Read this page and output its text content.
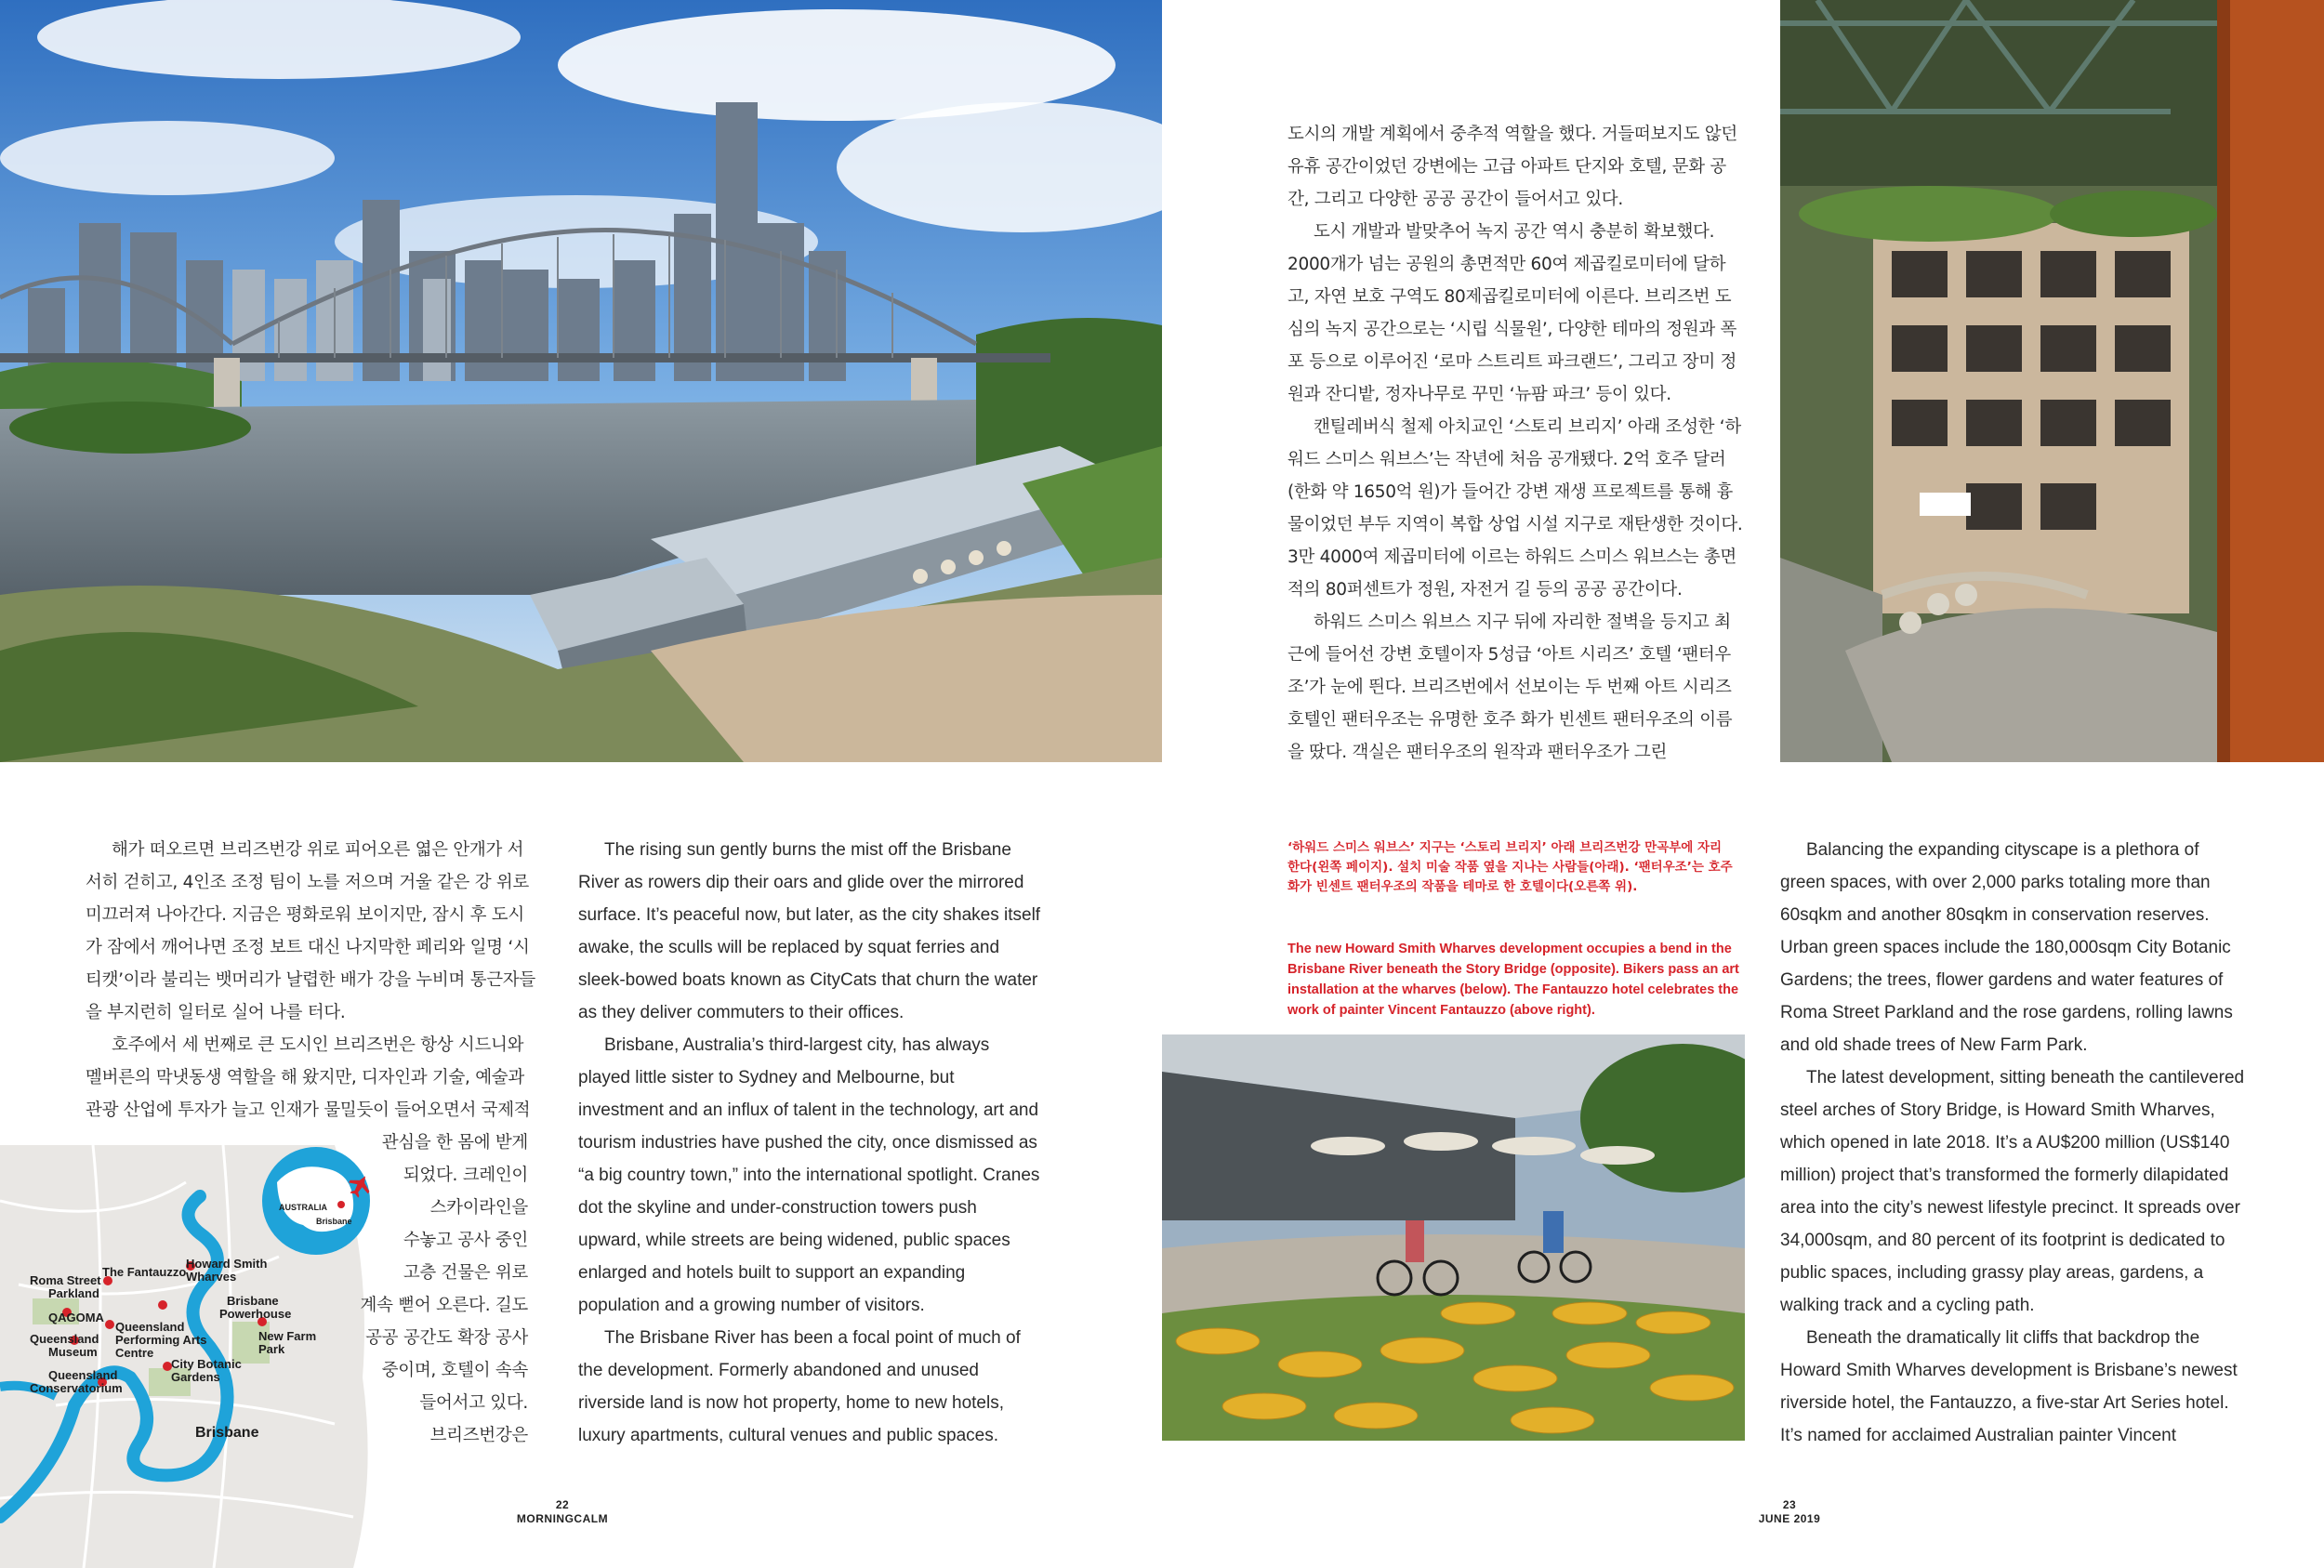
AUSTRALIA
Brisbane
Roma Street
Parkland
The Fantauzzo
Howard Smith
Wharves
QAGOMA
Queensland
Performing Arts
Centre
Queensland
Museum
Brisbane
Powerhouse
New Farm
Park
City Botanic
Gardens
Queensland
Conservatorium
Brisbane

해가 떠오르면 브리즈번강 위로 피어오른 엷은 안개가 서서히 걷히고, 4인조 조정 팀이 노를 저으며 거울 같은 강 위로 미끄러져 나아간다. 지금은 평화로워 보이지만, 잠시 후 도시가 잠에서 깨어나면 조정 보트 대신 나지막한 페리와 일명 ‘시티캣’이라 불리는 뱃머리가 날렵한 배가 강을 누비며 통근자들을 부지런히 일터로 실어 나를 터다.

호주에서 세 번째로 큰 도시인 브리즈번은 항상 시드니와 멜버른의 막냇동생 역할을 해 왔지만, 디자인과 기술, 예술과 관광 산업에 투자가 늘고 인재가 물밀듯이 들어오면서 국제적

관심을 한 몸에 받게

되었다. 크레인이

스카이라인을

수놓고 공사 중인

고층 건물은 위로

계속 뻗어 오른다. 길도

공공 공간도 확장 공사

중이며, 호텔이 속속

들어서고 있다.

브리즈번강은

The rising sun gently burns the mist off the Brisbane River as rowers dip their oars and glide over the mirrored surface. It’s peaceful now, but later, as the city shakes itself awake, the sculls will be replaced by squat ferries and sleek-bowed boats known as CityCats that churn the water as they deliver commuters to their offices.

Brisbane, Australia’s third-largest city, has always played little sister to Sydney and Melbourne, but investment and an influx of talent in the technology, art and tourism industries have pushed the city, once dismissed as “a big country town,” into the international spotlight. Cranes dot the skyline and under-construction towers push upward, while streets are being widened, public spaces enlarged and hotels built to support an expanding population and a growing number of visitors.

The Brisbane River has been a focal point of much of the development. Formerly abandoned and unused riverside land is now hot property, home to new hotels, luxury apartments, cultural venues and public spaces.

22
MORNINGCALM

도시의 개발 계획에서 중추적 역할을 했다. 거들떠보지도 않던 유휴 공간이었던 강변에는 고급 아파트 단지와 호텔, 문화 공간, 그리고 다양한 공공 공간이 들어서고 있다.

도시 개발과 발맞추어 녹지 공간 역시 충분히 확보했다. 2000개가 넘는 공원의 총면적만 60여 제곱킬로미터에 달하고, 자연 보호 구역도 80제곱킬로미터에 이른다. 브리즈번 도심의 녹지 공간으로는 ‘시립 식물원’, 다양한 테마의 정원과 폭포 등으로 이루어진 ‘로마 스트리트 파크랜드’, 그리고 장미 정원과 잔디밭, 정자나무로 꾸민 ‘뉴팜 파크’ 등이 있다.

캔틸레버식 철제 아치교인 ‘스토리 브리지’ 아래 조성한 ‘하워드 스미스 워브스’는 작년에 처음 공개됐다. 2억 호주 달러(한화 약 1650억 원)가 들어간 강변 재생 프로젝트를 통해 흉물이었던 부두 지역이 복합 상업 시설 지구로 재탄생한 것이다. 3만 4000여 제곱미터에 이르는 하워드 스미스 워브스는 총면적의 80퍼센트가 정원, 자전거 길 등의 공공 공간이다.

하워드 스미스 워브스 지구 뒤에 자리한 절벽을 등지고 최근에 들어선 강변 호텔이자 5성급 ‘아트 시리즈’ 호텔 ‘팬터우조’가 눈에 띈다. 브리즈번에서 선보이는 두 번째 아트 시리즈 호텔인 팬터우조는 유명한 호주 화가 빈센트 팬터우조의 이름을 땄다. 객실은 팬터우조의 원작과 팬터우조가 그린

‘하워드 스미스 워브스’ 지구는 ‘스토리 브리지’ 아래 브리즈번강 만곡부에 자리한다(왼쪽 페이지). 설치 미술 작품 옆을 지나는 사람들(아래). ‘팬터우조’는 호주 화가 빈센트 팬터우조의 작품을 테마로 한 호텔이다(오른쪽 위).

The new Howard Smith Wharves development occupies a bend in the Brisbane River beneath the Story Bridge (opposite). Bikers pass an art installation at the wharves (below). The Fantauzzo hotel celebrates the work of painter Vincent Fantauzzo (above right).

Balancing the expanding cityscape is a plethora of green spaces, with over 2,000 parks totaling more than 60sqkm and another 80sqkm in conservation reserves. Urban green spaces include the 180,000sqm City Botanic Gardens; the trees, flower gardens and water features of Roma Street Parkland and the rose gardens, rolling lawns and old shade trees of New Farm Park.

The latest development, sitting beneath the cantilevered steel arches of Story Bridge, is Howard Smith Wharves, which opened in late 2018. It’s a AU$200 million (US$140 million) project that’s transformed the formerly dilapidated area into the city’s newest lifestyle precinct. It spreads over 34,000sqm, and 80 percent of its footprint is dedicated to public spaces, including grassy play areas, gardens, a walking track and a cycling path.

Beneath the dramatically lit cliffs that backdrop the Howard Smith Wharves development is Brisbane’s newest riverside hotel, the Fantauzzo, a five-star Art Series hotel. It’s named for acclaimed Australian painter Vincent

23
JUNE 2019
